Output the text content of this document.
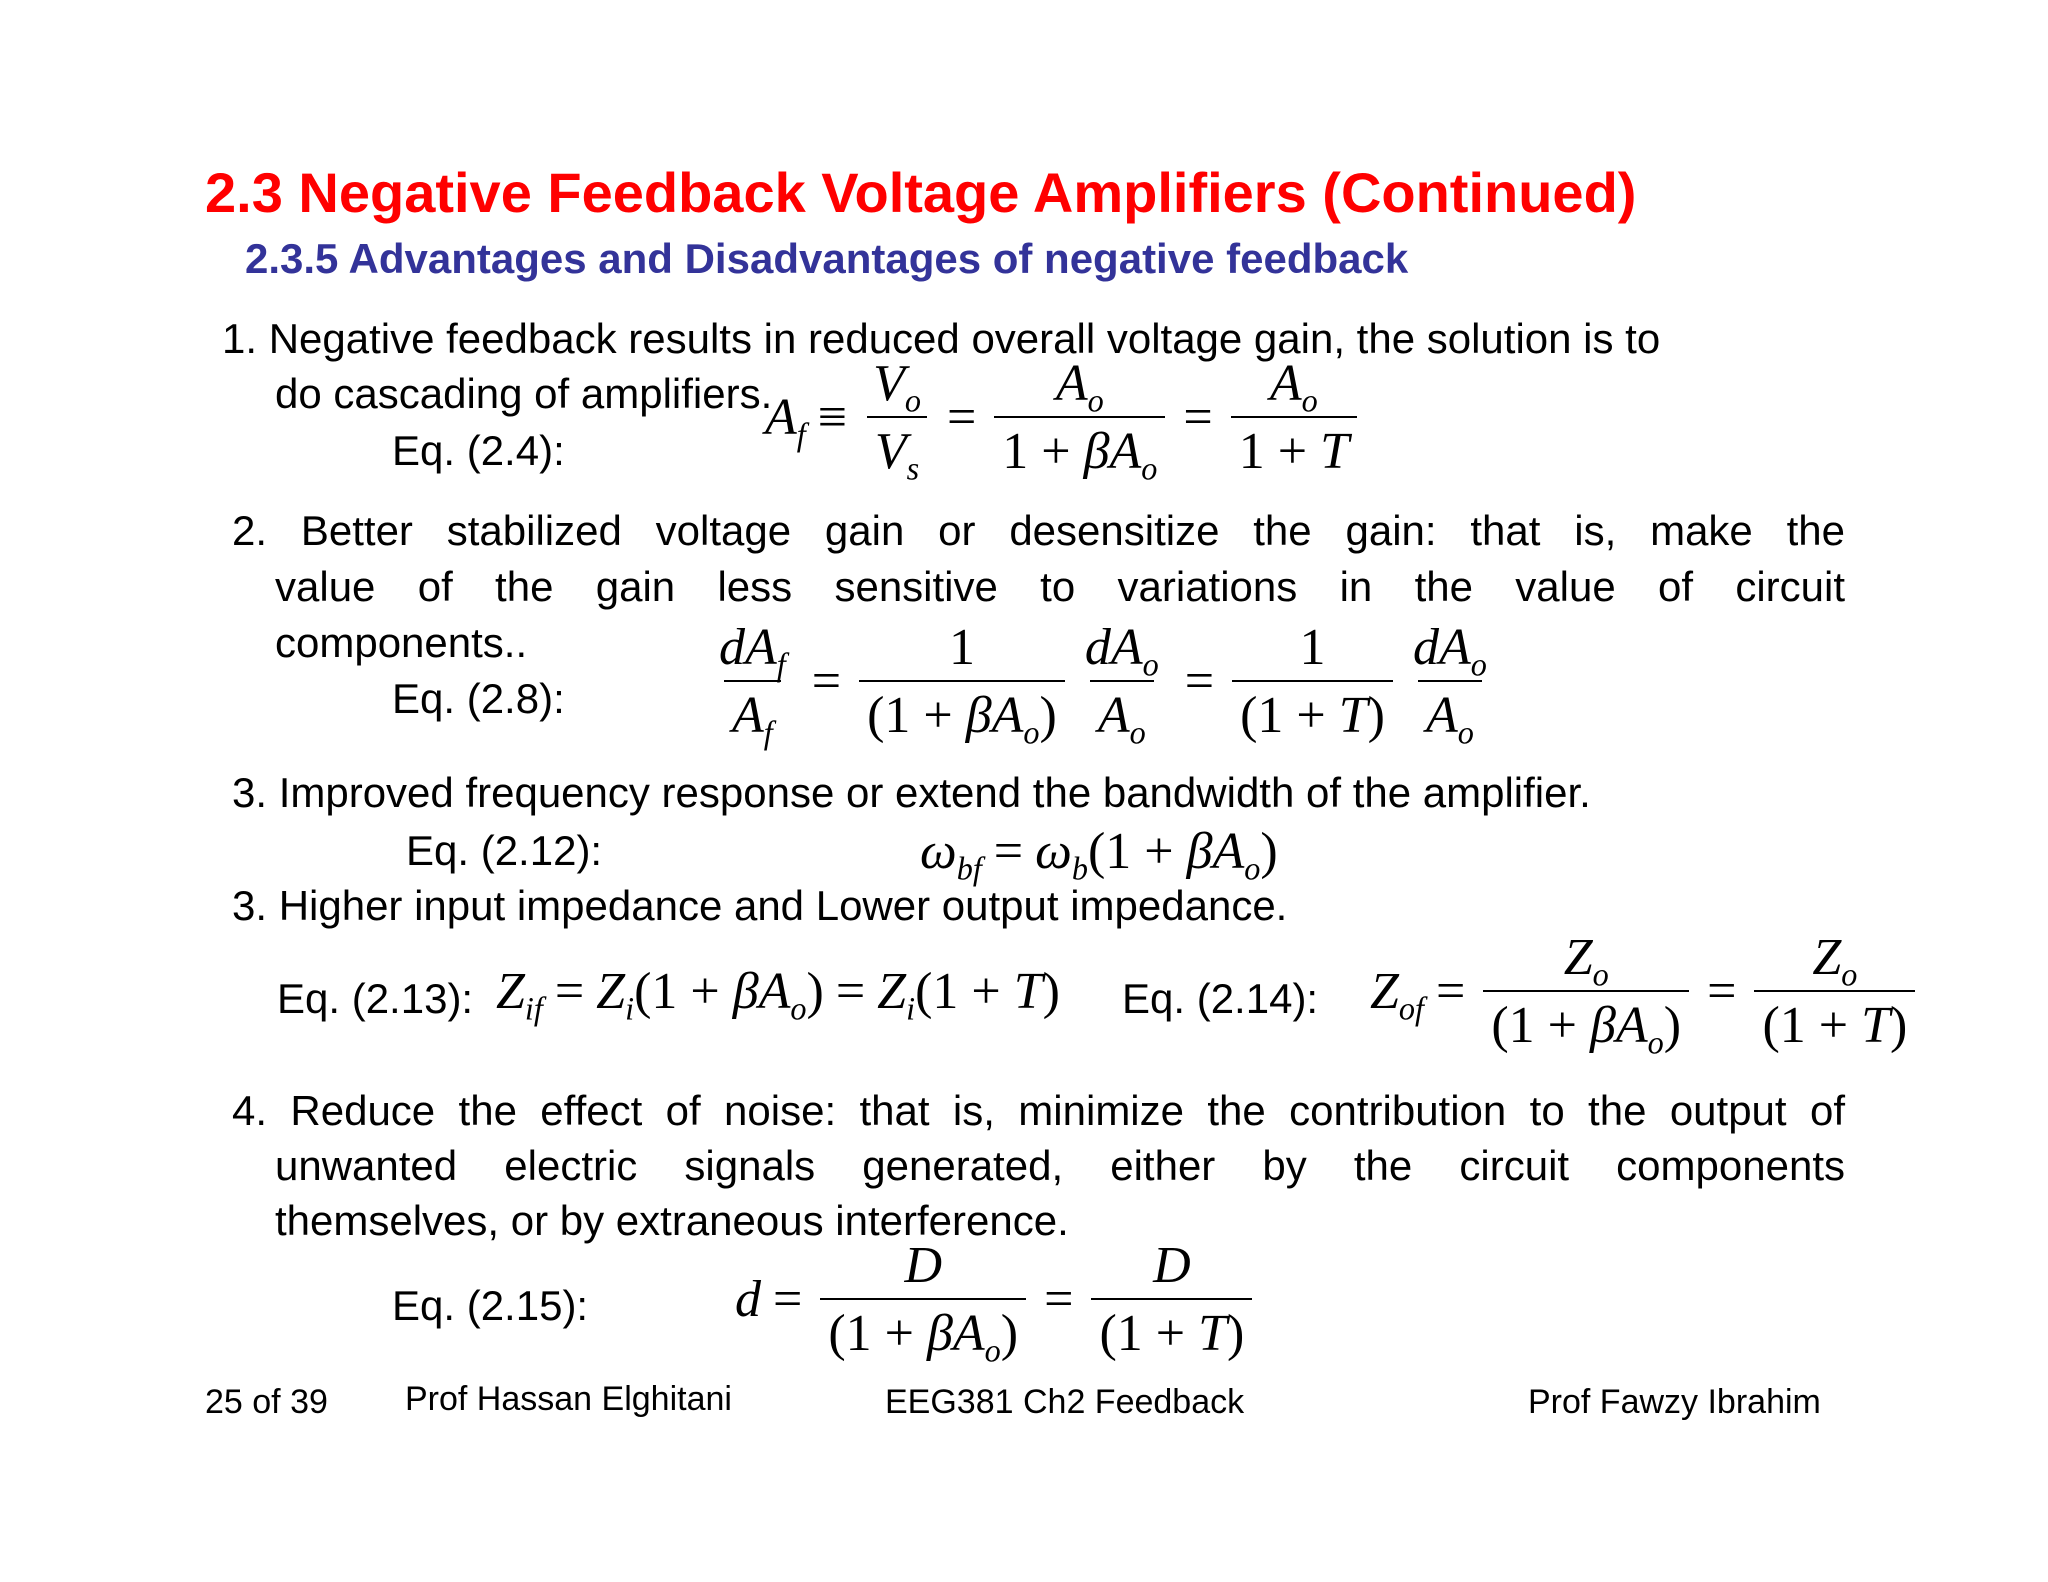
2.3 Negative Feedback Voltage Amplifiers (Continued)
2.3.5 Advantages and Disadvantages of negative feedback
1. Negative feedback results in reduced overall voltage gain, the solution is to
do cascading of amplifiers.
Eq. (2.4):
$A_f \equiv \frac{V_o}{V_s} = \frac{A_o}{1 + \beta A_o} = \frac{A_o}{1 + T}$
2. Better stabilized voltage gain or desensitize the gain: that is, make the
value of the gain less sensitive to variations in the value of circuit
components..
Eq. (2.8):	$\frac{dA_f}{A_f} = \frac{1}{(1 + \beta A_o)} \frac{dA_o}{A_o} = \frac{1}{(1 + T)} \frac{dA_o}{A_o}$
3. Improved frequency response or extend the bandwidth of the amplifier.
Eq. (2.12):	$\omega_{bf} = \omega_b(1 + \beta A_o)$
3. Higher input impedance and Lower output impedance.
Eq. (2.13): $Z_{if} = Z_i(1 + \beta A_o) = Z_i(1 + T)$ Eq. (2.14): $Z_{of} = \frac{Z_o}{(1 + \beta A_o)} = \frac{Z_o}{(1 + T)}$
4. Reduce the effect of noise: that is, minimize the contribution to the output of
unwanted electric signals generated, either by the circuit components
themselves, or by extraneous interference.
Eq. (2.15):	$d = \frac{D}{(1 + \beta A_o)} = \frac{D}{(1 + T)}$
25 of 39 Prof Hassan Elghitani	EEG381 Ch2 Feedback	Prof Fawzy Ibrahim
